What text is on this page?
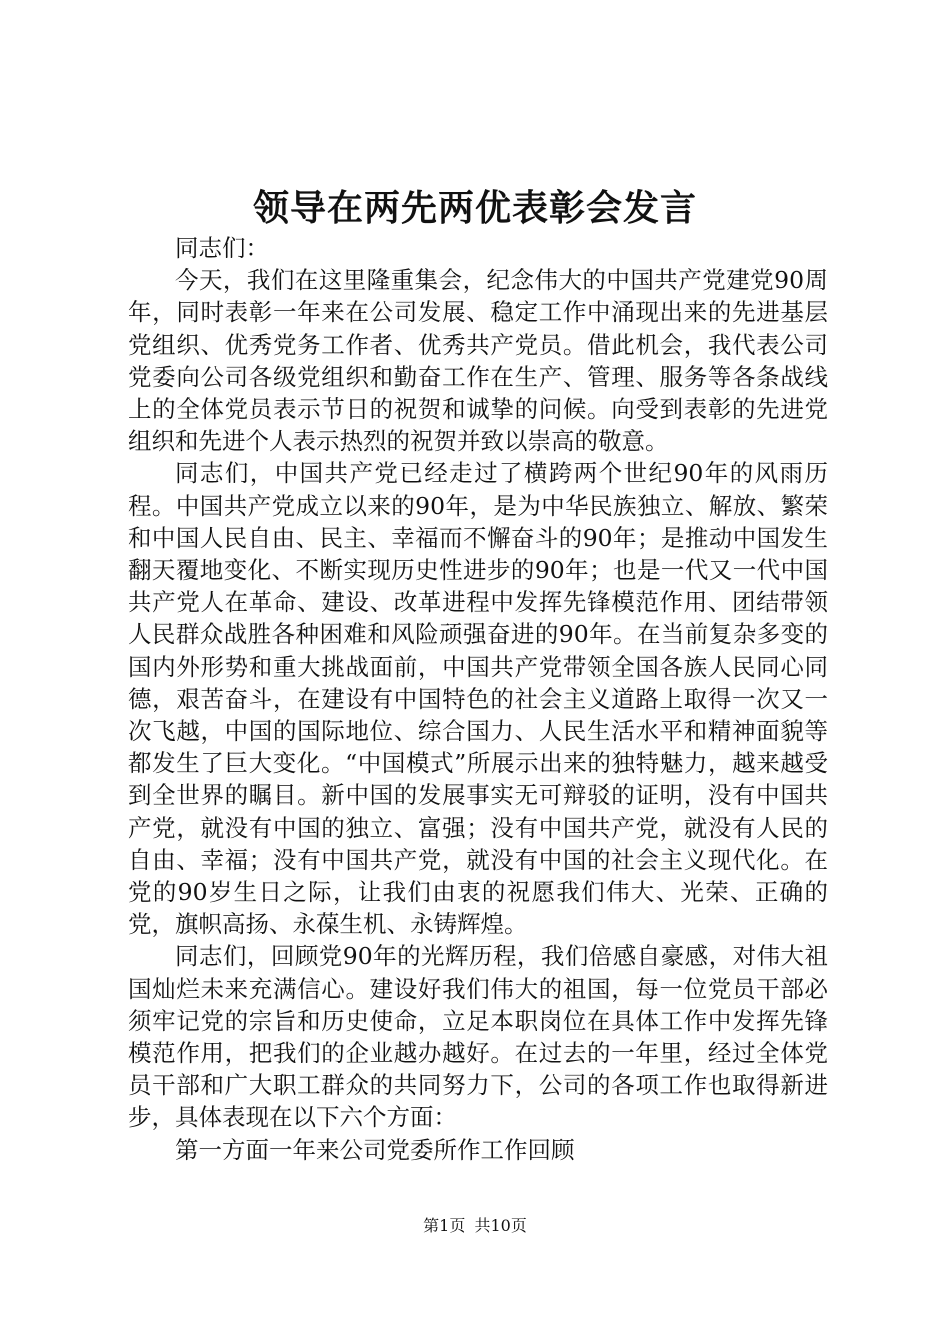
领导在两先两优表彰会发言

同志们：

今天，我们在这里隆重集会，纪念伟大的中国共产党建党90周年，同时表彰一年来在公司发展、稳定工作中涌现出来的先进基层党组织、优秀党务工作者、优秀共产党员。借此机会，我代表公司党委向公司各级党组织和勤奋工作在生产、管理、服务等各条战线上的全体党员表示节日的祝贺和诚挚的问候。向受到表彰的先进党组织和先进个人表示热烈的祝贺并致以崇高的敬意。

同志们，中国共产党已经走过了横跨两个世纪90年的风雨历程。中国共产党成立以来的90年，是为中华民族独立、解放、繁荣和中国人民自由、民主、幸福而不懈奋斗的90年；是推动中国发生翻天覆地变化、不断实现历史性进步的90年；也是一代又一代中国共产党人在革命、建设、改革进程中发挥先锋模范作用、团结带领人民群众战胜各种困难和风险顽强奋进的90年。在当前复杂多变的国内外形势和重大挑战面前，中国共产党带领全国各族人民同心同德，艰苦奋斗，在建设有中国特色的社会主义道路上取得一次又一次飞越，中国的国际地位、综合国力、人民生活水平和精神面貌等都发生了巨大变化。“中国模式”所展示出来的独特魅力，越来越受到全世界的瞩目。新中国的发展事实无可辩驳的证明，没有中国共产党，就没有中国的独立、富强；没有中国共产党，就没有人民的自由、幸福；没有中国共产党，就没有中国的社会主义现代化。在党的90岁生日之际，让我们由衷的祝愿我们伟大、光荣、正确的党，旗帜高扬、永葆生机、永铸辉煌。

同志们，回顾党90年的光辉历程，我们倍感自豪感，对伟大祖国灿烂未来充满信心。建设好我们伟大的祖国，每一位党员干部必须牢记党的宗旨和历史使命，立足本职岗位在具体工作中发挥先锋模范作用，把我们的企业越办越好。在过去的一年里，经过全体党员干部和广大职工群众的共同努力下，公司的各项工作也取得新进步，具体表现在以下六个方面：

第一方面一年来公司党委所作工作回顾

第1页 共10页
